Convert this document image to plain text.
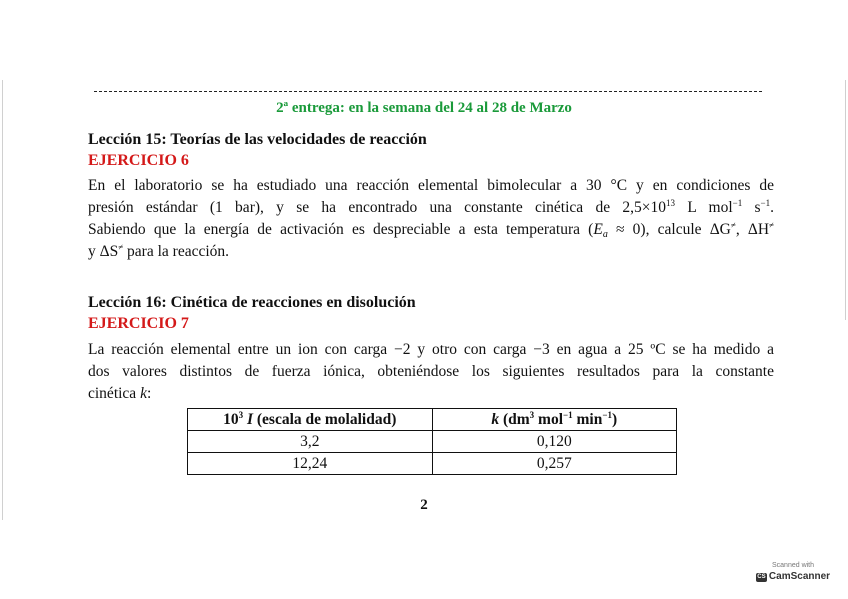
2ª entrega: en la semana del 24 al 28 de Marzo
Lección 15: Teorías de las velocidades de reacción
EJERCICIO 6
En el laboratorio se ha estudiado una reacción elemental bimolecular a 30 °C y en condiciones de
presión estándar (1 bar), y se ha encontrado una constante cinética de $2,5\times 10^{13}$ L mol$^{-1}$ $s^{-1}$.
Sabiendo que la energía de activación es despreciable a esta temperatura $(E_a \approx 0)$, calcule ΔG≠, ΔH≠
y ΔS≠ para la reacción.
Lección 16: Cinética de reacciones en disolución
EJERCICIO 7
La reacción elemental entre un ion con carga −2 y otro con carga −3 en agua a 25 ºC se ha medido a
dos valores distintos de fuerza iónica, obteniéndose los siguientes resultados para la constante
cinética k:
$10^3$ I (escala de molalidad)	k ($dm^3$ mol$^{-1}$ $\min^{-1}$)
3,2	0,120
12,24	0,257
2
Scanned with
CS CamScanner
